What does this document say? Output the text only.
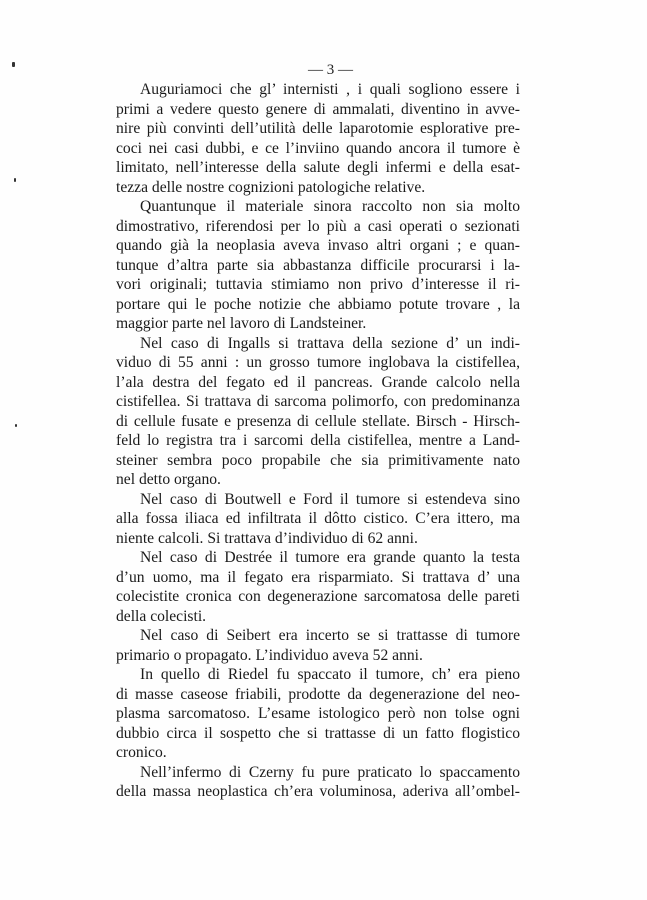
— 3 —
Auguriamoci che gl’ internisti , i quali sogliono essere i
primi a vedere questo genere di ammalati, diventino in avve-
nire più convinti dell’utilità delle laparotomie esplorative pre-
coci nei casi dubbi, e ce l’inviino quando ancora il tumore è
limitato, nell’interesse della salute degli infermi e della esat-
tezza delle nostre cognizioni patologiche relative.
Quantunque il materiale sinora raccolto non sia molto
dimostrativo, riferendosi per lo più a casi operati o sezionati
quando già la neoplasia aveva invaso altri organi ; e quan-
tunque d’altra parte sia abbastanza difficile procurarsi i la-
vori originali; tuttavia stimiamo non privo d’interesse il ri-
portare qui le poche notizie che abbiamo potute trovare , la
maggior parte nel lavoro di Landsteiner.
Nel caso di Ingalls si trattava della sezione d’ un indi-
viduo di 55 anni : un grosso tumore inglobava la cistifellea,
l’ala destra del fegato ed il pancreas. Grande calcolo nella
cistifellea. Si trattava di sarcoma polimorfo, con predominanza
di cellule fusate e presenza di cellule stellate. Birsch - Hirsch-
feld lo registra tra i sarcomi della cistifellea, mentre a Land-
steiner sembra poco propabile che sia primitivamente nato
nel detto organo.
Nel caso di Boutwell e Ford il tumore si estendeva sino
alla fossa iliaca ed infiltrata il dôtto cistico. C’era ittero, ma
niente calcoli. Si trattava d’individuo di 62 anni.
Nel caso di Destrée il tumore era grande quanto la testa
d’un uomo, ma il fegato era risparmiato. Si trattava d’ una
colecistite cronica con degenerazione sarcomatosa delle pareti
della colecisti.
Nel caso di Seibert era incerto se si trattasse di tumore
primario o propagato. L’individuo aveva 52 anni.
In quello di Riedel fu spaccato il tumore, ch’ era pieno
di masse caseose friabili, prodotte da degenerazione del neo-
plasma sarcomatoso. L’esame istologico però non tolse ogni
dubbio circa il sospetto che si trattasse di un fatto flogistico
cronico.
Nell’infermo di Czerny fu pure praticato lo spaccamento
della massa neoplastica ch’era voluminosa, aderiva all’ombel-
